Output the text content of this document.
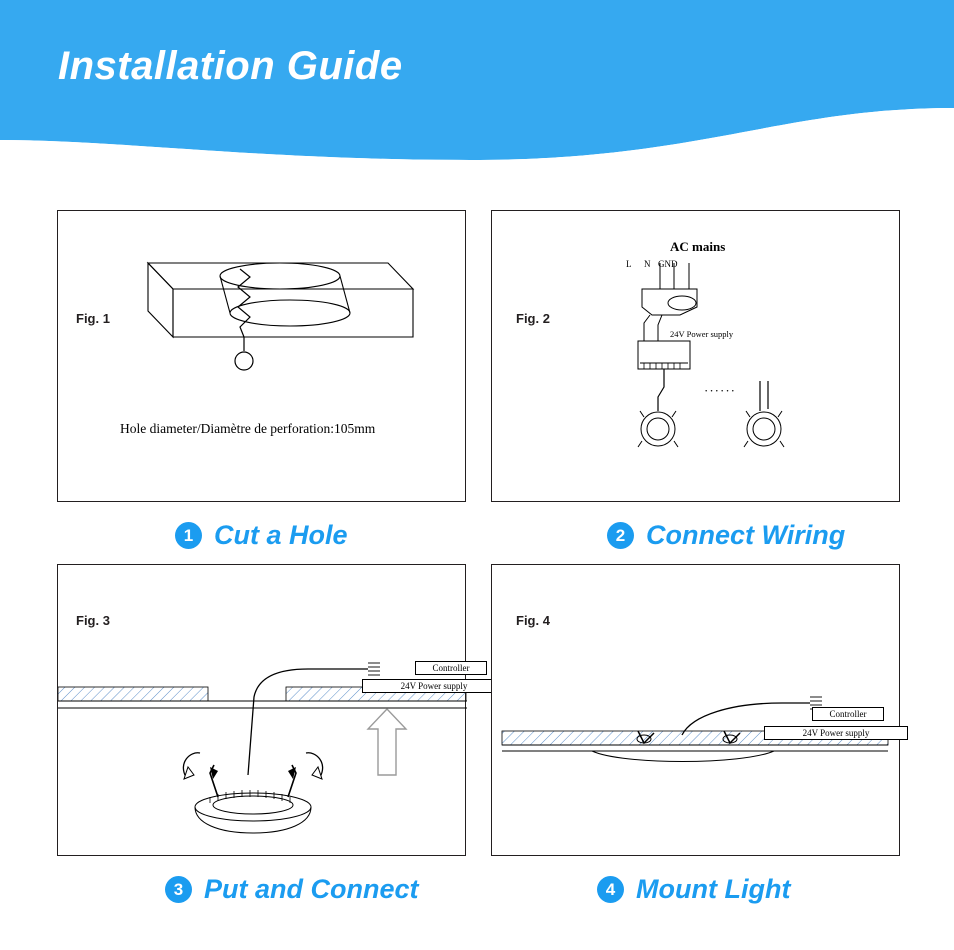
Installation Guide
Fig. 1
Hole diameter/Diamètre de perforation:105mm
1 Cut a Hole
Fig. 2
AC mains
L N GND
24V Power supply
······
2 Connect Wiring
Fig. 3
Controller
24V Power supply
3 Put and Connect
Fig. 4
Controller
24V Power supply
4 Mount Light
